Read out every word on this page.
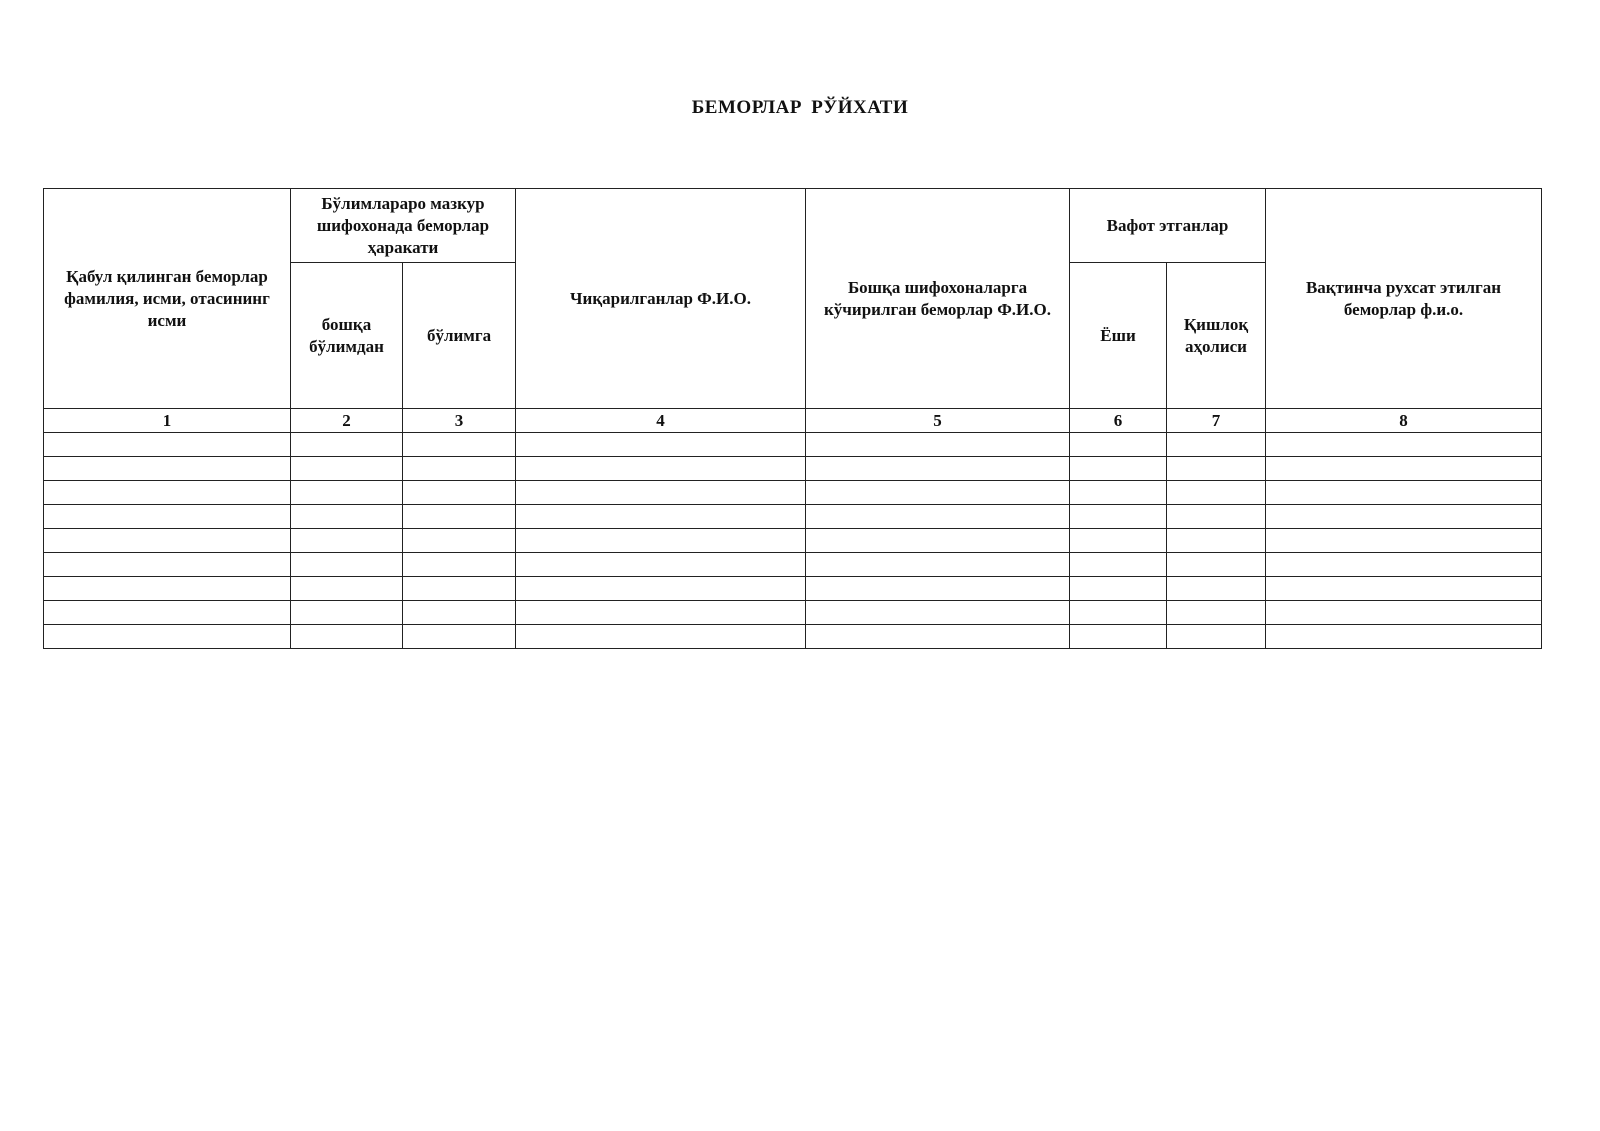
БЕМОРЛАР РЎЙХАТИ
Қабул қилинган беморлар фамилия, исми, отасининг исми	Бўлимлараро мазкур шифохонада беморлар ҳаракати		Чиқарилганлар Ф.И.О.	Бошқа шифохоналарга кўчирилган беморлар Ф.И.О.	Вафот этганлар		Вақтинча рухсат этилган беморлар ф.и.о.
	бошқа бўлимдан	бўлимга			Ёши	Қишлоқ аҳолиси	
1	2	3	4	5	6	7	8
